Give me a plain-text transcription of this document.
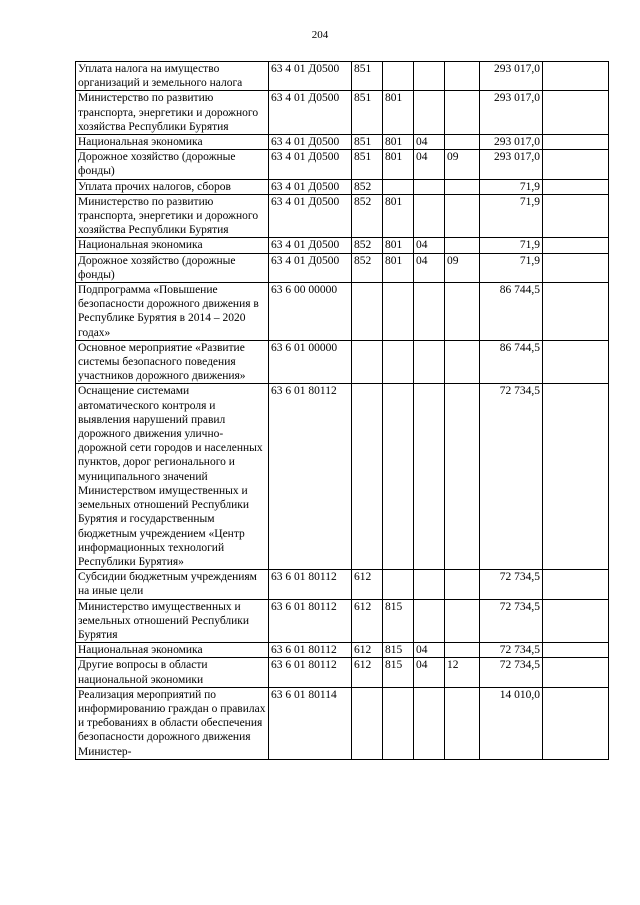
204
Уплата налога на имущество организаций и земельного налога	63 4 01 Д0500	851				293 017,0	
Министерство по развитию транспорта, энергетики и дорожного хозяйства Республики Бурятия	63 4 01 Д0500	851	801			293 017,0	
Национальная экономика	63 4 01 Д0500	851	801	04		293 017,0	
Дорожное хозяйство (дорожные фонды)	63 4 01 Д0500	851	801	04	09	293 017,0	
Уплата прочих налогов, сборов	63 4 01 Д0500	852				71,9	
Министерство по развитию транспорта, энергетики и дорожного хозяйства Республики Бурятия	63 4 01 Д0500	852	801			71,9	
Национальная экономика	63 4 01 Д0500	852	801	04		71,9	
Дорожное хозяйство (дорожные фонды)	63 4 01 Д0500	852	801	04	09	71,9	
Подпрограмма «Повышение безопасности дорожного движения в Республике Бурятия в 2014 – 2020 годах»	63 6 00 00000					86 744,5	
Основное мероприятие «Развитие системы безопасного поведения участников дорожного движения»	63 6 01 00000					86 744,5	
Оснащение системами автоматического контроля и выявления нарушений правил дорожного движения улично-дорожной сети городов и населенных пунктов, дорог регионального и муниципального значений Министерством имущественных и земельных отношений Республики Бурятия и государственным бюджетным учреждением «Центр информационных технологий Республики Бурятия»	63 6 01 80112					72 734,5	
Субсидии бюджетным учреждениям на иные цели	63 6 01 80112	612				72 734,5	
Министерство имущественных и земельных отношений Республики Бурятия	63 6 01 80112	612	815			72 734,5	
Национальная экономика	63 6 01 80112	612	815	04		72 734,5	
Другие вопросы в области национальной экономики	63 6 01 80112	612	815	04	12	72 734,5	
Реализация мероприятий по информированию граждан о правилах и требованиях в области обеспечения безопасности дорожного движения Министер-	63 6 01 80114					14 010,0	
